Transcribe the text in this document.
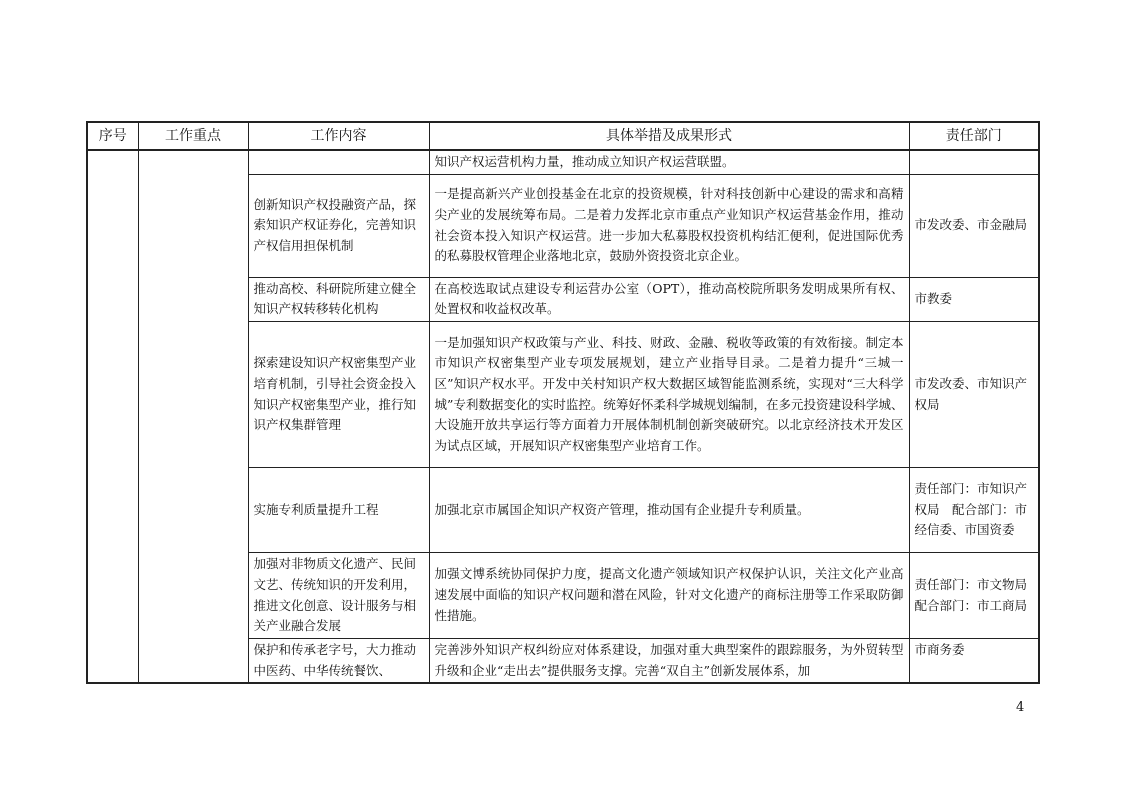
序号	工作重点	工作内容	具体举措及成果形式	责任部门
			知识产权运营机构力量，推动成立知识产权运营联盟。	
		创新知识产权投融资产品，探索知识产权证券化，完善知识产权信用担保机制	一是提高新兴产业创投基金在北京的投资规模，针对科技创新中心建设的需求和高精尖产业的发展统筹布局。二是着力发挥北京市重点产业知识产权运营基金作用，推动社会资本投入知识产权运营。进一步加大私募股权投资机构结汇便利，促进国际优秀的私募股权管理企业落地北京，鼓励外资投资北京企业。	市发改委、市金融局
		推动高校、科研院所建立健全知识产权转移转化机构	在高校选取试点建设专利运营办公室（OPT），推动高校院所职务发明成果所有权、处置权和收益权改革。	市教委
		探索建设知识产权密集型产业培育机制，引导社会资金投入知识产权密集型产业，推行知识产权集群管理	一是加强知识产权政策与产业、科技、财政、金融、税收等政策的有效衔接。制定本市知识产权密集型产业专项发展规划，建立产业指导目录。二是着力提升“三城一区”知识产权水平。开发中关村知识产权大数据区域智能监测系统，实现对“三大科学城”专利数据变化的实时监控。统筹好怀柔科学城规划编制，在多元投资建设科学城、大设施开放共享运行等方面着力开展体制机制创新突破研究。以北京经济技术开发区为试点区域，开展知识产权密集型产业培育工作。	市发改委、市知识产权局
		实施专利质量提升工程	加强北京市属国企知识产权资产管理，推动国有企业提升专利质量。	责任部门：市知识产权局　配合部门：市经信委、市国资委
		加强对非物质文化遗产、民间文艺、传统知识的开发利用，推进文化创意、设计服务与相关产业融合发展	加强文博系统协同保护力度，提高文化遗产领域知识产权保护认识，关注文化产业高速发展中面临的知识产权问题和潜在风险，针对文化遗产的商标注册等工作采取防御性措施。	责任部门：市文物局　配合部门：市工商局
		保护和传承老字号，大力推动中医药、中华传统餐饮、	完善涉外知识产权纠纷应对体系建设，加强对重大典型案件的跟踪服务，为外贸转型升级和企业“走出去”提供服务支撑。完善“双自主”创新发展体系，加	市商务委
4
